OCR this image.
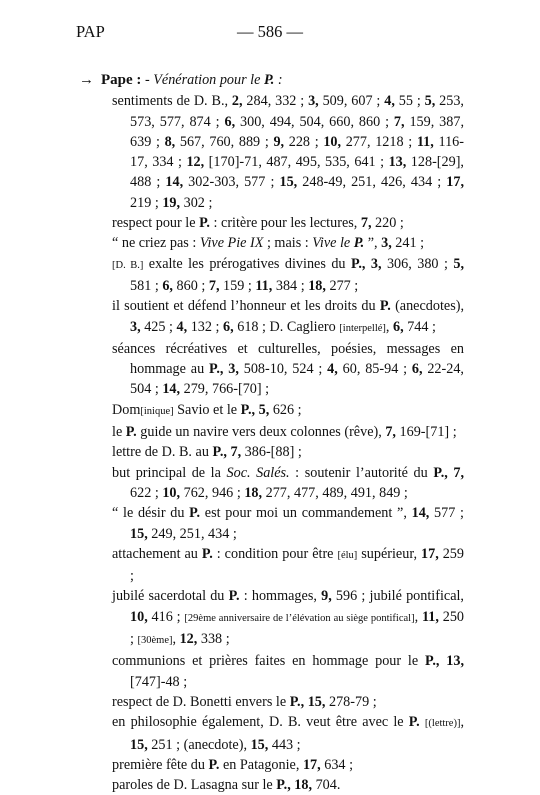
PAP	— 586 —
→ Pape : - Vénération pour le P. :
sentiments de D. B., 2, 284, 332 ; 3, 509, 607 ; 4, 55 ; 5, 253, 573, 577, 874 ; 6, 300, 494, 504, 660, 860 ; 7, 159, 387, 639 ; 8, 567, 760, 889 ; 9, 228 ; 10, 277, 1218 ; 11, 116-17, 334 ; 12, [170]-71, 487, 495, 535, 641 ; 13, 128-[29], 488 ; 14, 302-303, 577 ; 15, 248-49, 251, 426, 434 ; 17, 219 ; 19, 302 ;
respect pour le P. : critère pour les lectures, 7, 220 ;
“ ne criez pas : Vive Pie IX ; mais : Vive le P. ”, 3, 241 ;
[D. B.] exalte les prérogatives divines du P., 3, 306, 380 ; 5, 581 ; 6, 860 ; 7, 159 ; 11, 384 ; 18, 277 ;
il soutient et défend l’honneur et les droits du P. (anecdotes), 3, 425 ; 4, 132 ; 6, 618 ; D. Cagliero [interpellé], 6, 744 ;
séances récréatives et culturelles, poésies, messages en hommage au P., 3, 508-10, 524 ; 4, 60, 85-94 ; 6, 22-24, 504 ; 14, 279, 766-[70] ;
Dom[inique] Savio et le P., 5, 626 ;
le P. guide un navire vers deux colonnes (rêve), 7, 169-[71] ;
lettre de D. B. au P., 7, 386-[88] ;
but principal de la Soc. Salés. : soutenir l’autorité du P., 7, 622 ; 10, 762, 946 ; 18, 277, 477, 489, 491, 849 ;
“ le désir du P. est pour moi un commandement ”, 14, 577 ; 15, 249, 251, 434 ;
attachement au P. : condition pour être [élu] supérieur, 17, 259 ;
jubilé sacerdotal du P. : hommages, 9, 596 ; jubilé pontifical, 10, 416 ; [29ème anniversaire de l’élévation au siège pontifical], 11, 250 ; [30ème], 12, 338 ;
communions et prières faites en hommage pour le P., 13, [747]-48 ;
respect de D. Bonetti envers le P., 15, 278-79 ;
en philosophie également, D. B. veut être avec le P. [(lettre)], 15, 251 ; (anecdote), 15, 443 ;
première fête du P. en Patagonie, 17, 634 ;
paroles de D. Lasagna sur le P., 18, 704.
